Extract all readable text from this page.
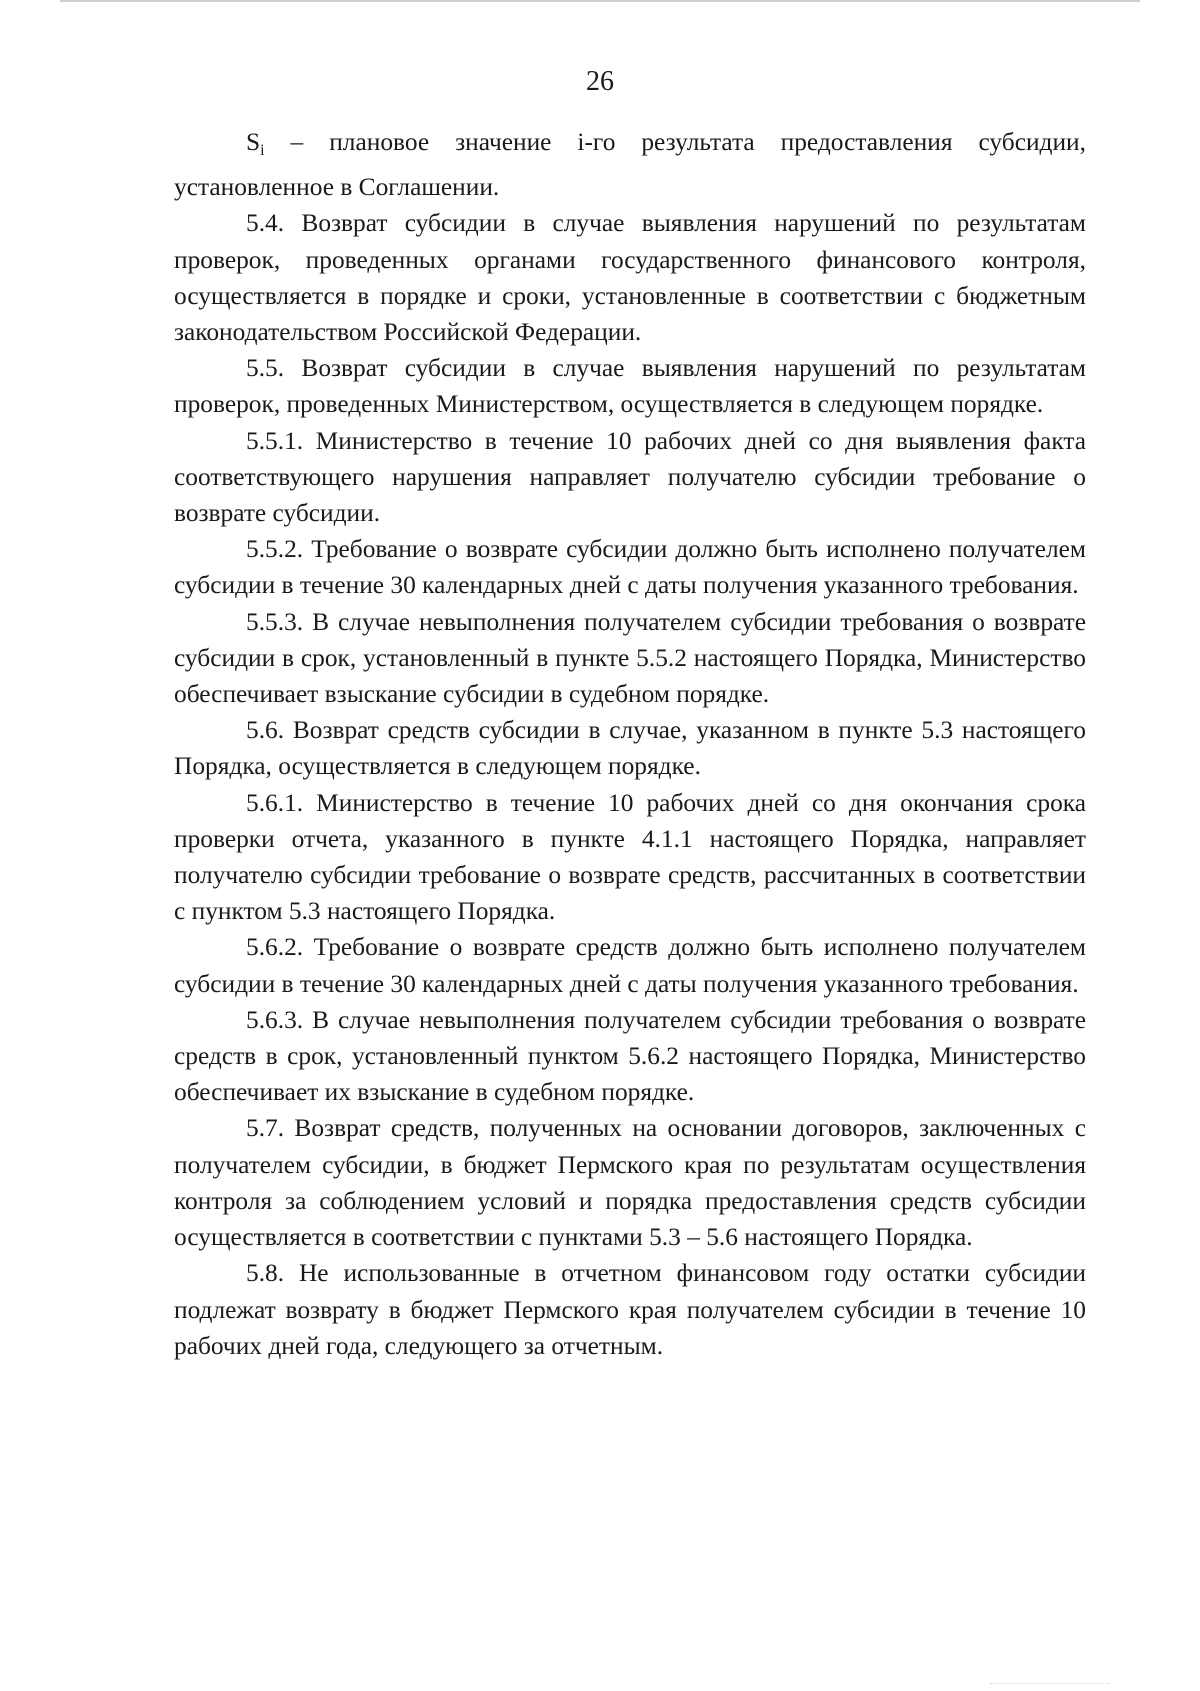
26

$S_i$ – плановое значение i-го результата предоставления субсидии, установленное в Соглашении.

5.4. Возврат субсидии в случае выявления нарушений по результатам проверок, проведенных органами государственного финансового контроля, осуществляется в порядке и сроки, установленные в соответствии с бюджетным законодательством Российской Федерации.

5.5. Возврат субсидии в случае выявления нарушений по результатам проверок, проведенных Министерством, осуществляется в следующем порядке.

5.5.1. Министерство в течение 10 рабочих дней со дня выявления факта соответствующего нарушения направляет получателю субсидии требование о возврате субсидии.

5.5.2. Требование о возврате субсидии должно быть исполнено получателем субсидии в течение 30 календарных дней с даты получения указанного требования.

5.5.3. В случае невыполнения получателем субсидии требования о возврате субсидии в срок, установленный в пункте 5.5.2 настоящего Порядка, Министерство обеспечивает взыскание субсидии в судебном порядке.

5.6. Возврат средств субсидии в случае, указанном в пункте 5.3 настоящего Порядка, осуществляется в следующем порядке.

5.6.1. Министерство в течение 10 рабочих дней со дня окончания срока проверки отчета, указанного в пункте 4.1.1 настоящего Порядка, направляет получателю субсидии требование о возврате средств, рассчитанных в соответствии с пунктом 5.3 настоящего Порядка.

5.6.2. Требование о возврате средств должно быть исполнено получателем субсидии в течение 30 календарных дней с даты получения указанного требования.

5.6.3. В случае невыполнения получателем субсидии требования о возврате средств в срок, установленный пунктом 5.6.2 настоящего Порядка, Министерство обеспечивает их взыскание в судебном порядке.

5.7. Возврат средств, полученных на основании договоров, заключенных с получателем субсидии, в бюджет Пермского края по результатам осуществления контроля за соблюдением условий и порядка предоставления средств субсидии осуществляется в соответствии с пунктами 5.3 – 5.6 настоящего Порядка.

5.8. Не использованные в отчетном финансовом году остатки субсидии подлежат возврату в бюджет Пермского края получателем субсидии в течение 10 рабочих дней года, следующего за отчетным.
